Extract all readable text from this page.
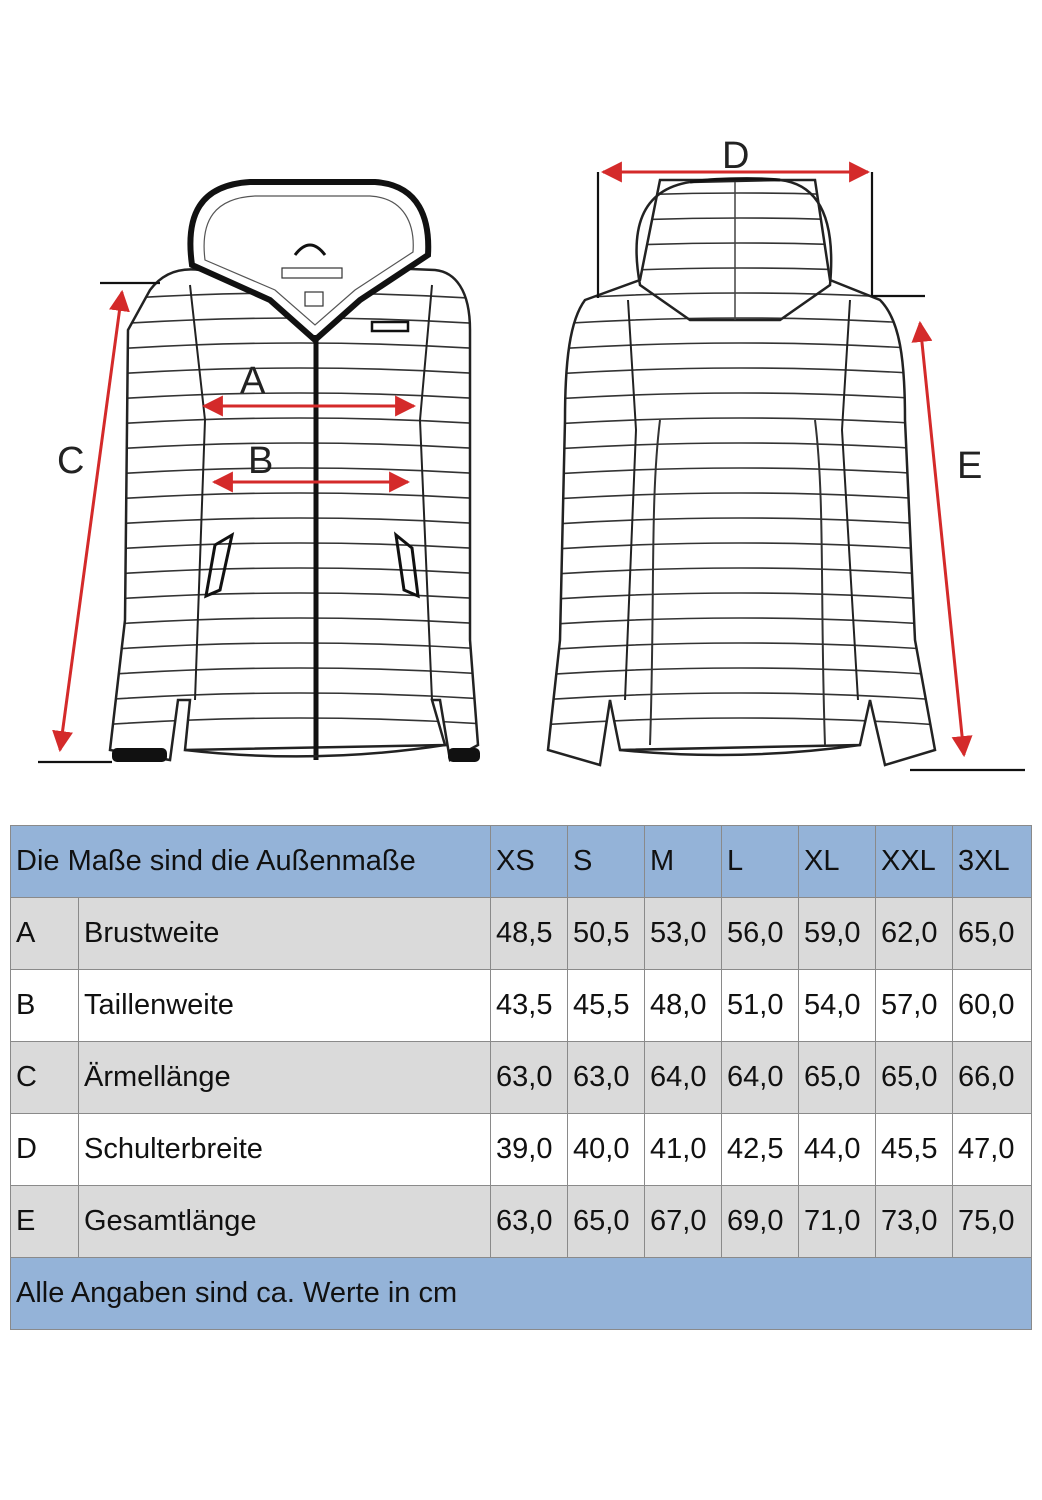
A
B
C
D
E
Die Maße sind die Außenmaße		XS	S	M	L	XL	XXL	3XL
A	Brustweite	48,5	50,5	53,0	56,0	59,0	62,0	65,0
B	Taillenweite	43,5	45,5	48,0	51,0	54,0	57,0	60,0
C	Ärmellänge	63,0	63,0	64,0	64,0	65,0	65,0	66,0
D	Schulterbreite	39,0	40,0	41,0	42,5	44,0	45,5	47,0
E	Gesamtlänge	63,0	65,0	67,0	69,0	71,0	73,0	75,0
Alle Angaben sind ca. Werte in cm								
